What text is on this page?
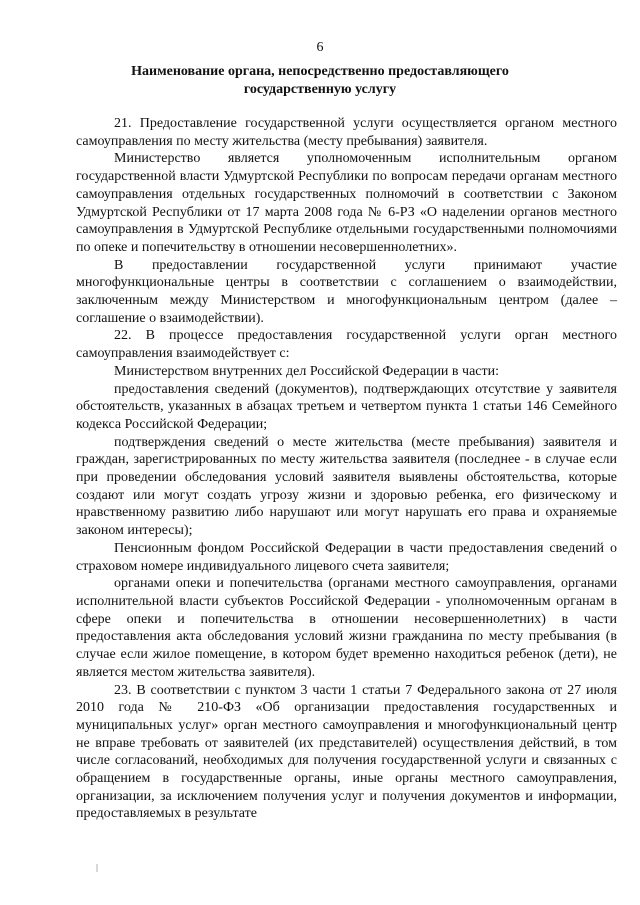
6
Наименование органа, непосредственно предоставляющего государственную услугу

21. Предоставление государственной услуги осуществляется органом местного самоуправления по месту жительства (месту пребывания) заявителя.

Министерство является уполномоченным исполнительным органом государственной власти Удмуртской Республики по вопросам передачи органам местного самоуправления отдельных государственных полномочий в соответствии с Законом Удмуртской Республики от 17 марта 2008 года № 6-РЗ «О наделении органов местного самоуправления в Удмуртской Республике отдельными государственными полномочиями по опеке и попечительству в отношении несовершеннолетних».

В предоставлении государственной услуги принимают участие многофункциональные центры в соответствии с соглашением о взаимодействии, заключенным между Министерством и многофункциональным центром (далее – соглашение о взаимодействии).

22. В процессе предоставления государственной услуги орган местного самоуправления взаимодействует с:

Министерством внутренних дел Российской Федерации в части:

предоставления сведений (документов), подтверждающих отсутствие у заявителя обстоятельств, указанных в абзацах третьем и четвертом пункта 1 статьи 146 Семейного кодекса Российской Федерации;

подтверждения сведений о месте жительства (месте пребывания) заявителя и граждан, зарегистрированных по месту жительства заявителя (последнее - в случае если при проведении обследования условий заявителя выявлены обстоятельства, которые создают или могут создать угрозу жизни и здоровью ребенка, его физическому и нравственному развитию либо нарушают или могут нарушать его права и охраняемые законом интересы);

Пенсионным фондом Российской Федерации в части предоставления сведений о страховом номере индивидуального лицевого счета заявителя;

органами опеки и попечительства (органами местного самоуправления, органами исполнительной власти субъектов Российской Федерации - уполномоченным органам в сфере опеки и попечительства в отношении несовершеннолетних) в части предоставления акта обследования условий жизни гражданина по месту пребывания (в случае если жилое помещение, в котором будет временно находиться ребенок (дети), не является местом жительства заявителя).

23. В соответствии с пунктом 3 части 1 статьи 7 Федерального закона от 27 июля 2010 года № 210-ФЗ «Об организации предоставления государственных и муниципальных услуг» орган местного самоуправления и многофункциональный центр не вправе требовать от заявителей (их представителей) осуществления действий, в том числе согласований, необходимых для получения государственной услуги и связанных с обращением в государственные органы, иные органы местного самоуправления, организации, за исключением получения услуг и получения документов и информации, предоставляемых в результате
